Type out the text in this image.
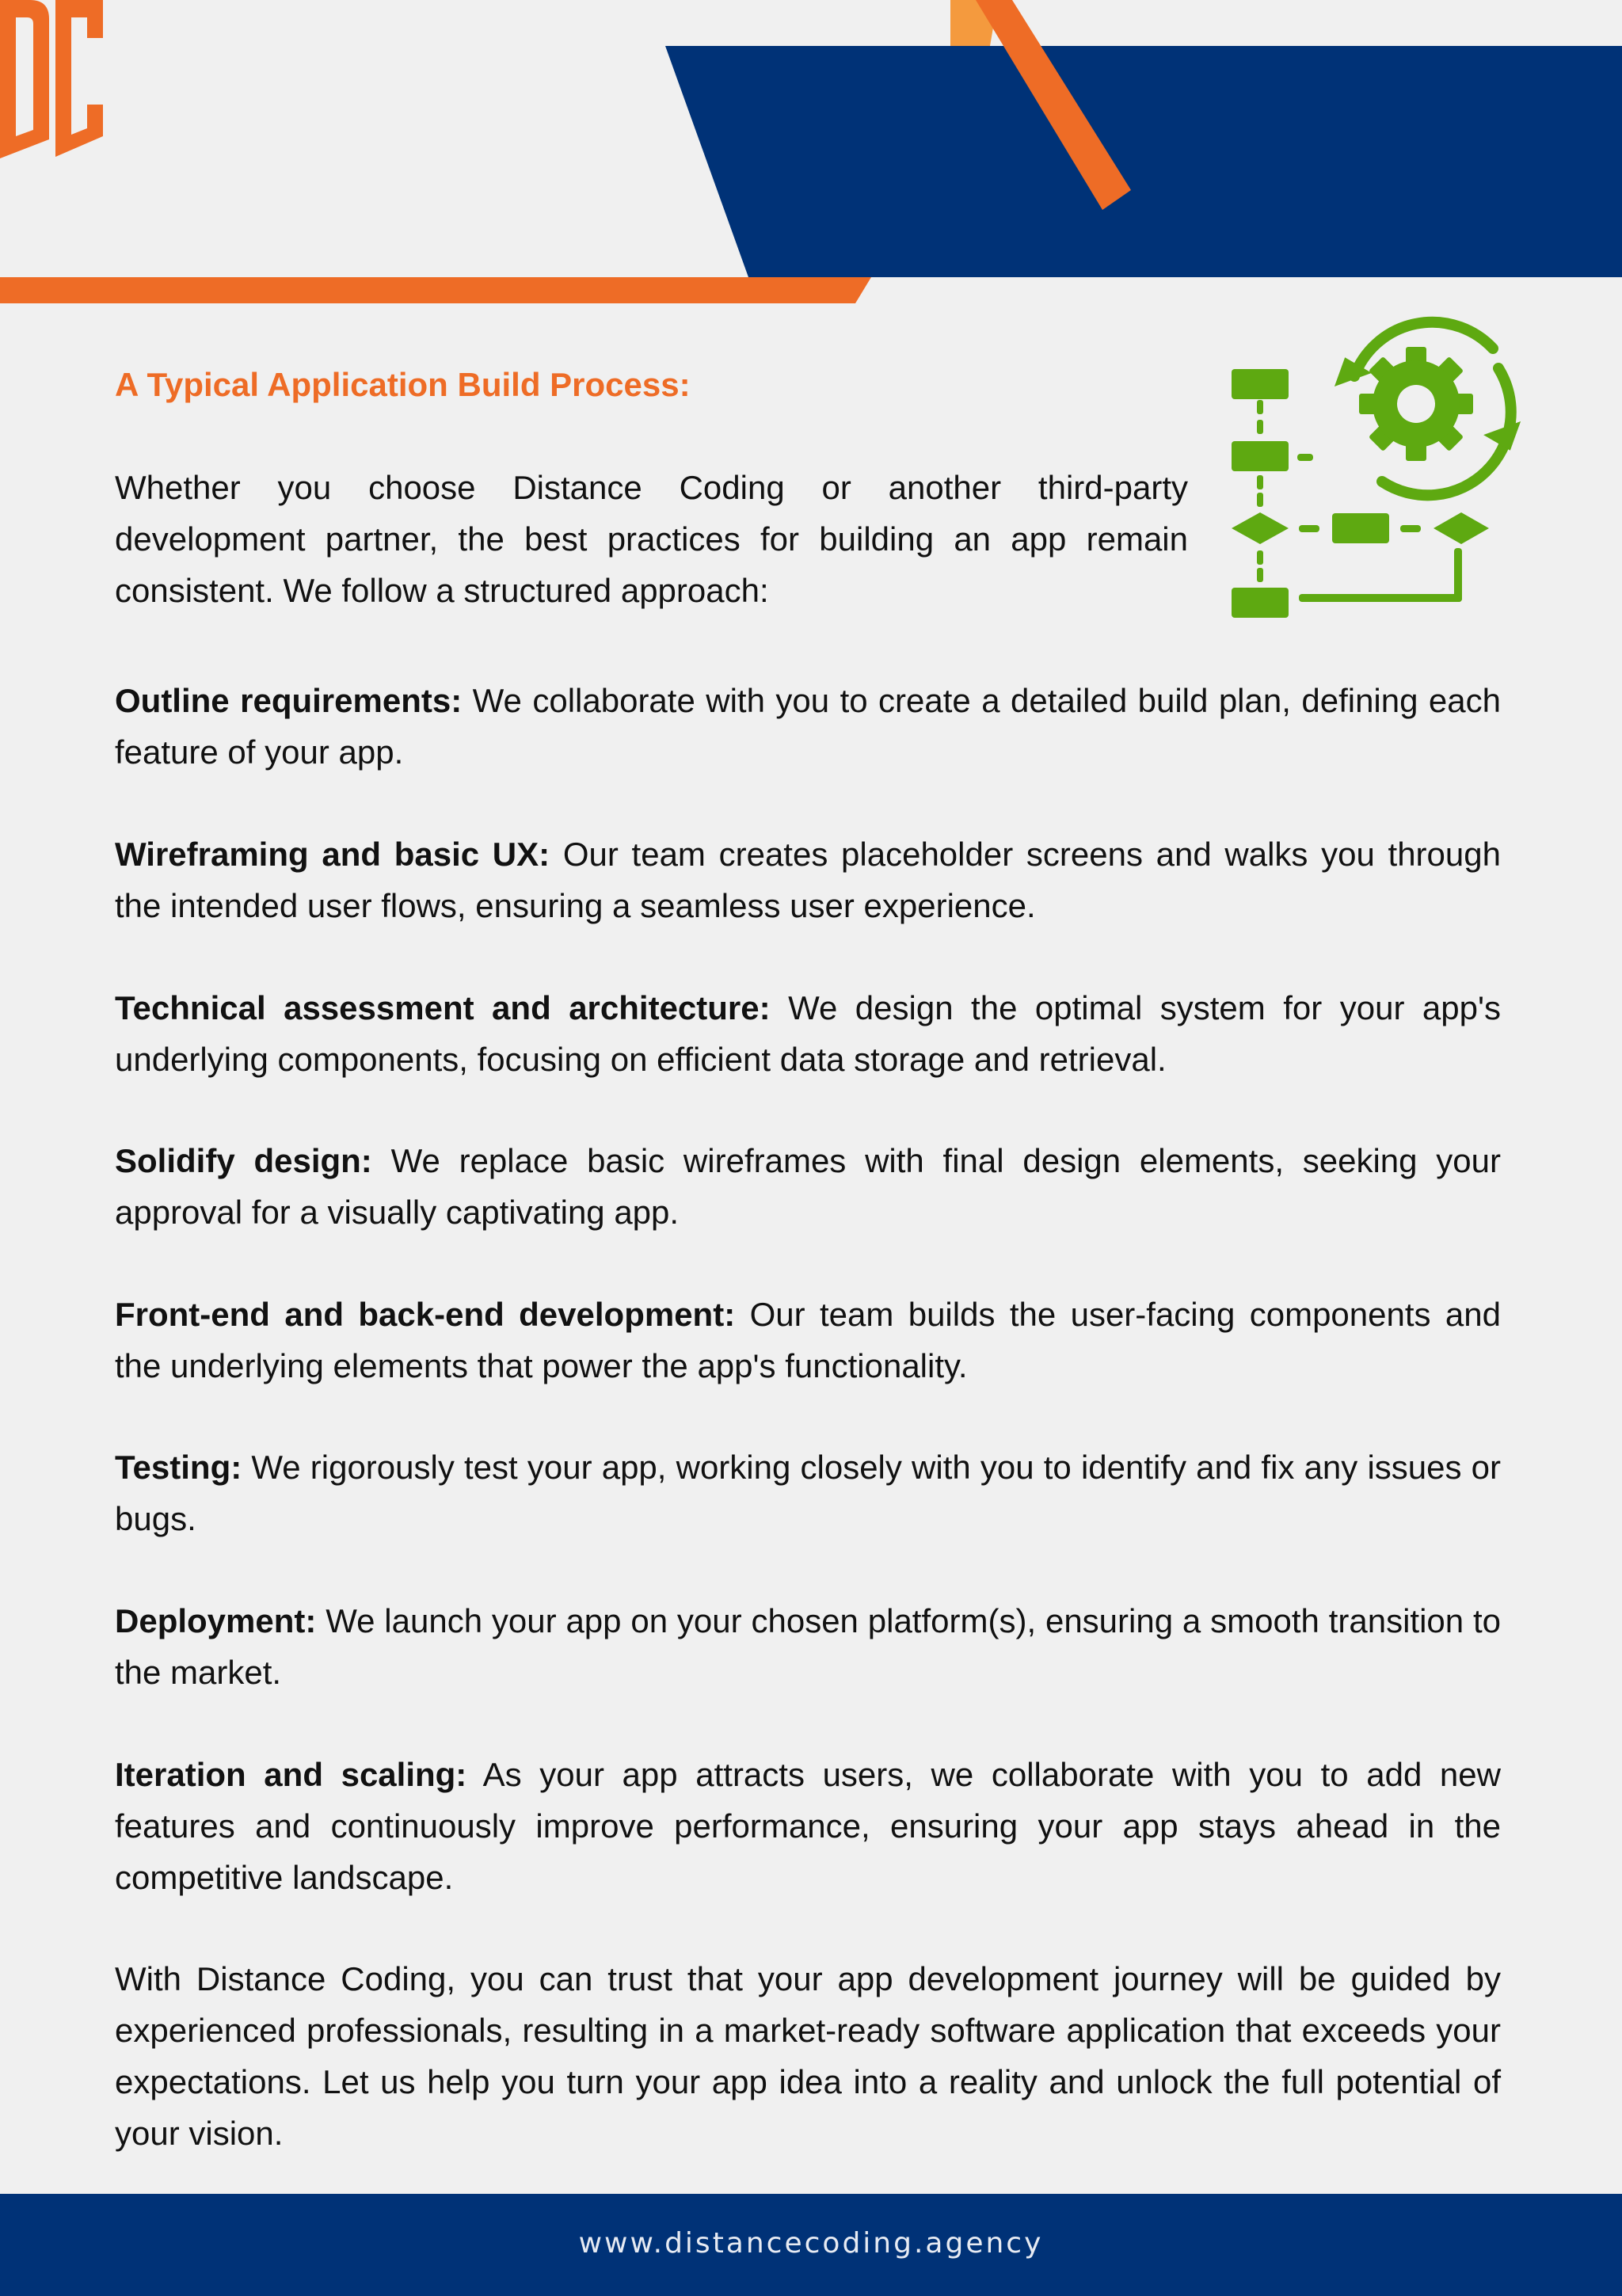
A Typical Application Build Process:
Whether you choose Distance Coding or another third-party development partner, the best practices for building an app remain consistent. We follow a structured approach:
Outline requirements: We collaborate with you to create a detailed build plan, defining each feature of your app.
Wireframing and basic UX: Our team creates placeholder screens and walks you through the intended user flows, ensuring a seamless user experience.
Technical assessment and architecture: We design the optimal system for your app's underlying components, focusing on efficient data storage and retrieval.
Solidify design: We replace basic wireframes with final design elements, seeking your approval for a visually captivating app.
Front-end and back-end development: Our team builds the user-facing components and the underlying elements that power the app's functionality.
Testing: We rigorously test your app, working closely with you to identify and fix any issues or bugs.
Deployment: We launch your app on your chosen platform(s), ensuring a smooth transition to the market.
Iteration and scaling: As your app attracts users, we collaborate with you to add new features and continuously improve performance, ensuring your app stays ahead in the competitive landscape.
With Distance Coding, you can trust that your app development journey will be guided by experienced professionals, resulting in a market-ready software application that exceeds your expectations. Let us help you turn your app idea into a reality and unlock the full potential of your vision.
www.distancecoding.agency
